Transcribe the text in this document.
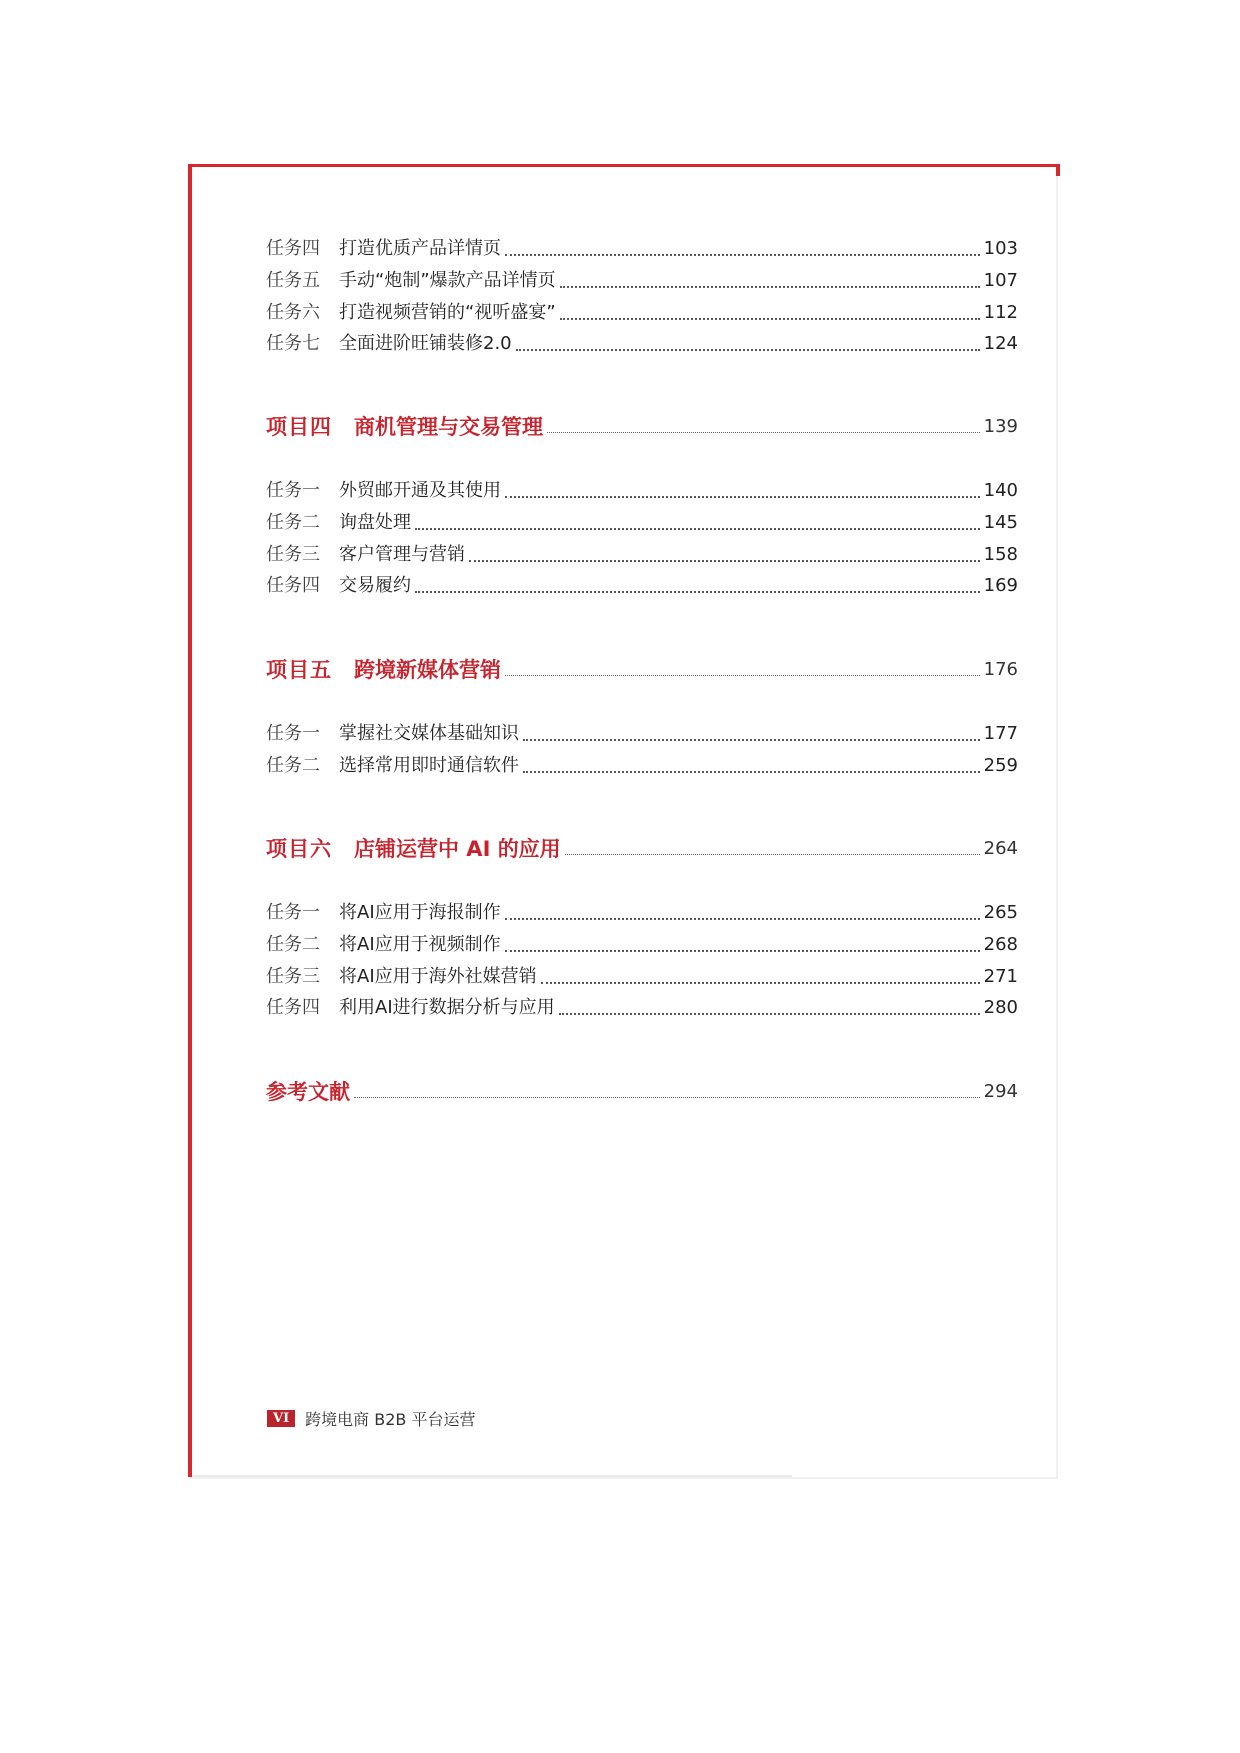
任务四	打造优质产品详情页	103
任务五	手动“炮制”爆款产品详情页	107
任务六	打造视频营销的“视听盛宴”	112
任务七	全面进阶旺铺装修2.0	124
项目四	商机管理与交易管理	139
任务一	外贸邮开通及其使用	140
任务二	询盘处理	145
任务三	客户管理与营销	158
任务四	交易履约	169
项目五	跨境新媒体营销	176
任务一	掌握社交媒体基础知识	177
任务二	选择常用即时通信软件	259
项目六	店铺运营中 AI 的应用	264
任务一	将AI应用于海报制作	265
任务二	将AI应用于视频制作	268
任务三	将AI应用于海外社媒营销	271
任务四	利用AI进行数据分析与应用	280
参考文献	294
VI	跨境电商 B2B 平台运营
